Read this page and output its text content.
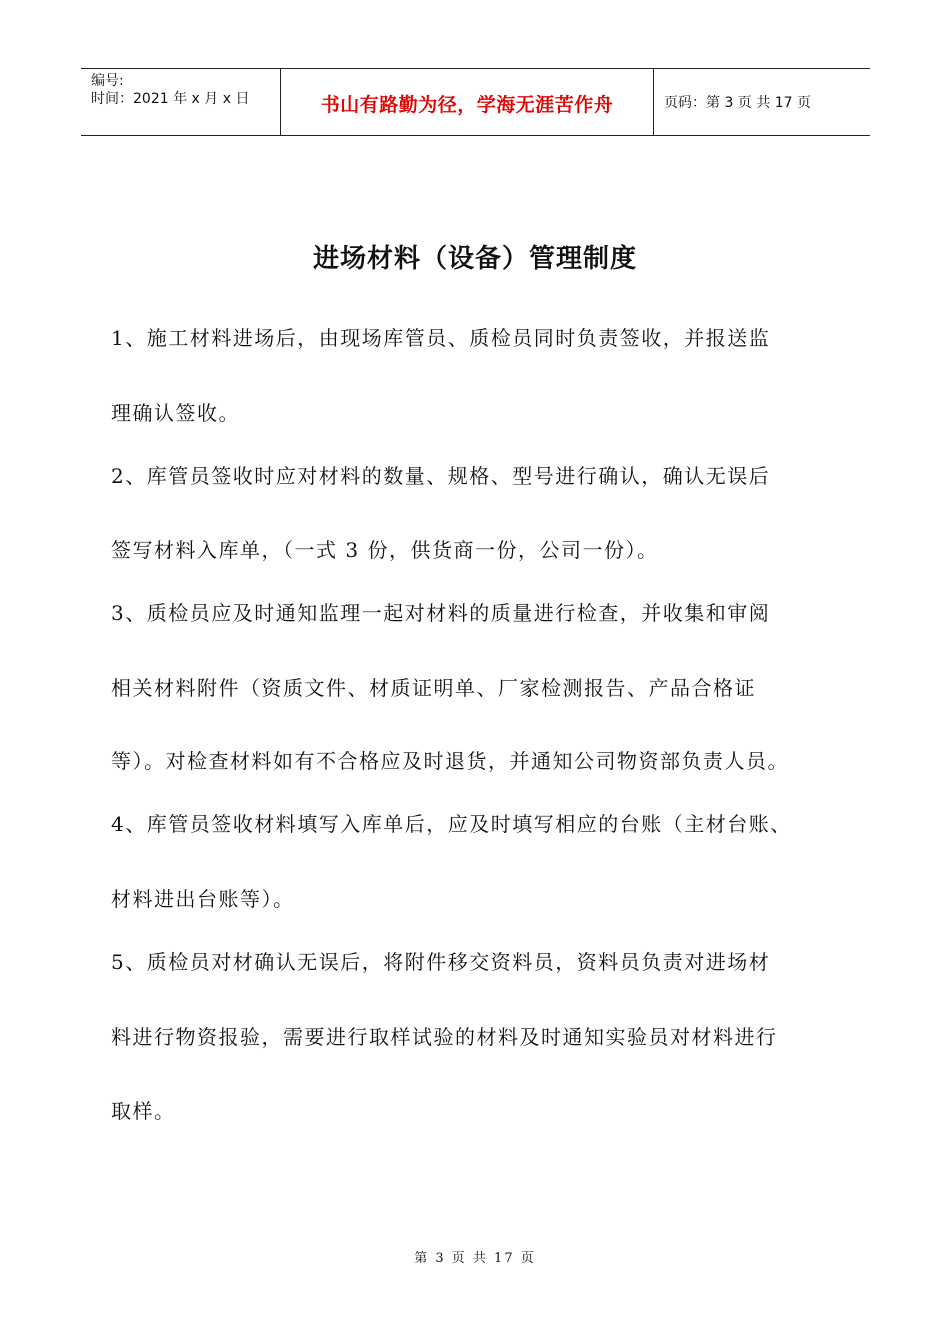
编号:
时间：2021 年 x 月 x 日	书山有路勤为径，学海无涯苦作舟	页码：第 3 页 共 17 页
进场材料（设备）管理制度
1、施工材料进场后，由现场库管员、质检员同时负责签收，并报送监
理确认签收。
2、库管员签收时应对材料的数量、规格、型号进行确认，确认无误后
签写材料入库单，（一式 3 份，供货商一份，公司一份）。
3、质检员应及时通知监理一起对材料的质量进行检查，并收集和审阅
相关材料附件（资质文件、材质证明单、厂家检测报告、产品合格证
等）。对检查材料如有不合格应及时退货，并通知公司物资部负责人员。
4、库管员签收材料填写入库单后，应及时填写相应的台账（主材台账、
材料进出台账等）。
5、质检员对材确认无误后，将附件移交资料员，资料员负责对进场材
料进行物资报验，需要进行取样试验的材料及时通知实验员对材料进行
取样。
第 3 页 共 17 页
